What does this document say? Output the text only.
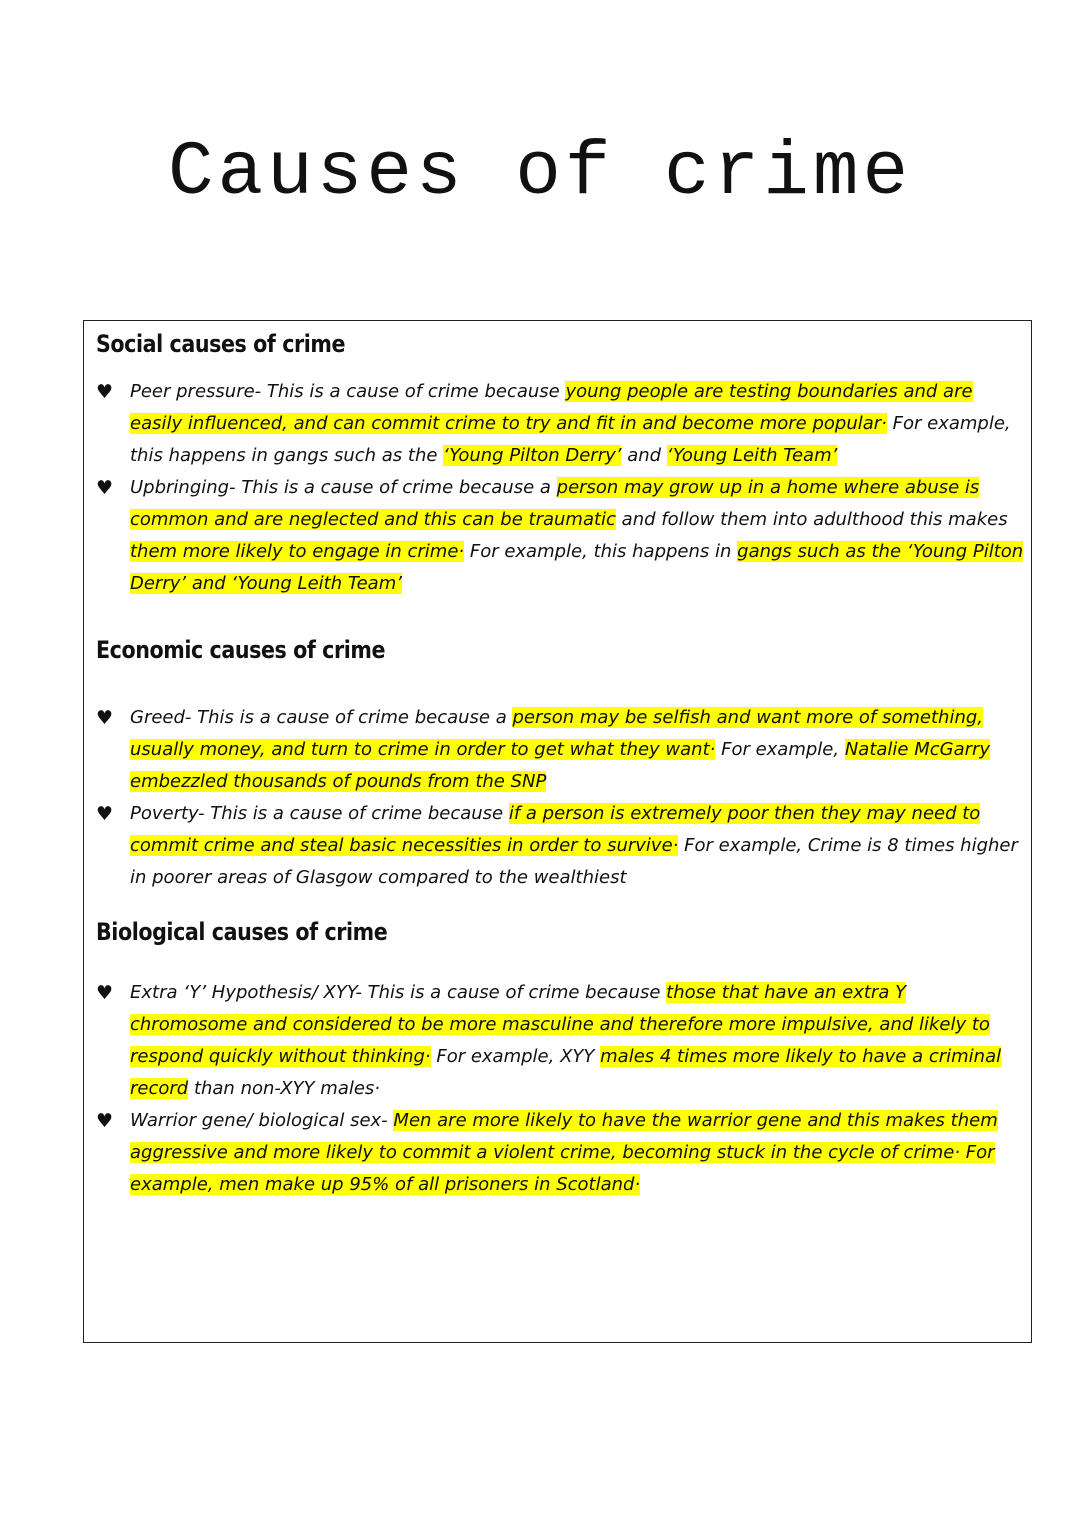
Causes of crime
Social causes of crime
♥ Peer pressure- This is a cause of crime because young people are testing boundaries and are easily influenced, and can commit crime to try and fit in and become more popular· For example, this happens in gangs such as the ‘Young Pilton Derry’ and ‘Young Leith Team’
♥ Upbringing- This is a cause of crime because a person may grow up in a home where abuse is common and are neglected and this can be traumatic and follow them into adulthood this makes them more likely to engage in crime· For example, this happens in gangs such as the ‘Young Pilton Derry’ and ‘Young Leith Team’
Economic causes of crime
♥ Greed- This is a cause of crime because a person may be selfish and want more of something, usually money, and turn to crime in order to get what they want· For example, Natalie McGarry embezzled thousands of pounds from the SNP
♥ Poverty- This is a cause of crime because if a person is extremely poor then they may need to commit crime and steal basic necessities in order to survive· For example, Crime is 8 times higher in poorer areas of Glasgow compared to the wealthiest
Biological causes of crime
♥ Extra ‘Y’ Hypothesis/ XYY- This is a cause of crime because those that have an extra Y chromosome and considered to be more masculine and therefore more impulsive, and likely to respond quickly without thinking· For example, XYY males 4 times more likely to have a criminal record than non-XYY males·
♥ Warrior gene/ biological sex- Men are more likely to have the warrior gene and this makes them aggressive and more likely to commit a violent crime, becoming stuck in the cycle of crime· For example, men make up 95% of all prisoners in Scotland·
